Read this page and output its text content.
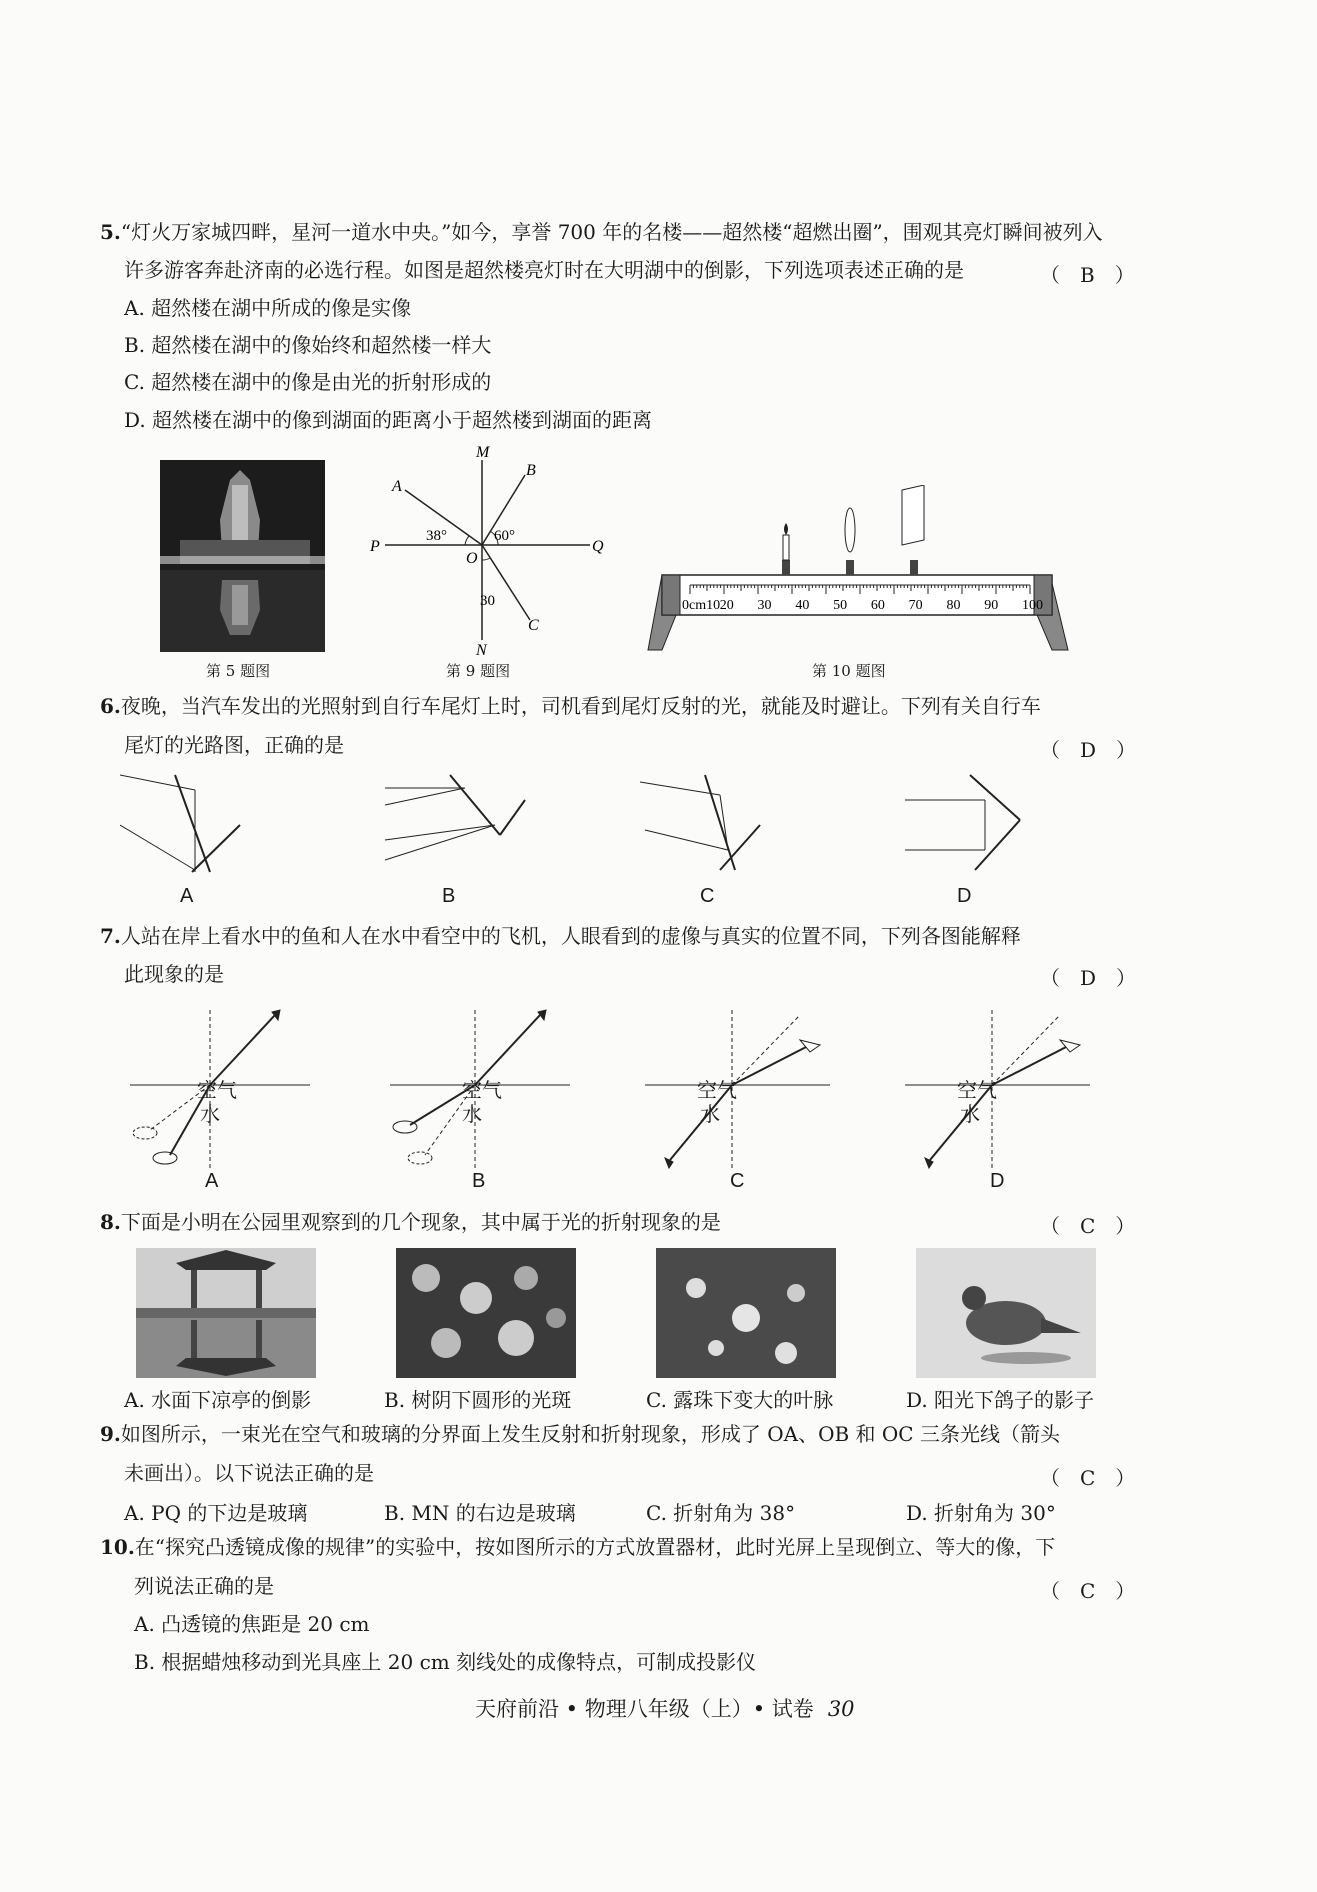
5.“灯火万家城四畔，星河一道水中央。”如今，享誉 700 年的名楼——超然楼“超燃出圈”，围观其亮灯瞬间被列入
许多游客奔赴济南的必选行程。如图是超然楼亮灯时在大明湖中的倒影，下列选项表述正确的是	（　B　）
A. 超然楼在湖中所成的像是实像
B. 超然楼在湖中的像始终和超然楼一样大
C. 超然楼在湖中的像是由光的折射形成的
D. 超然楼在湖中的像到湖面的距离小于超然楼到湖面的距离
第 5 题图
M
N
P	Q
A
B
C
O
38°	60°
30
第 9 题图
0cm10 20 30 40 50 60 70 80 90 100
第 10 题图
6.夜晚，当汽车发出的光照射到自行车尾灯上时，司机看到尾灯反射的光，就能及时避让。下列有关自行车
尾灯的光路图，正确的是	（　D　）
A	B	C	D
7.人站在岸上看水中的鱼和人在水中看空中的飞机，人眼看到的虚像与真实的位置不同，下列各图能解释
此现象的是	（　D　）
空气
水
空气
水
空气
水
空气
水
A	B	C	D
8.下面是小明在公园里观察到的几个现象，其中属于光的折射现象的是	（　C　）
A. 水面下凉亭的倒影	B. 树阴下圆形的光斑	C. 露珠下变大的叶脉	D. 阳光下鸽子的影子
9.如图所示，一束光在空气和玻璃的分界面上发生反射和折射现象，形成了 OA、OB 和 OC 三条光线（箭头
未画出）。以下说法正确的是	（　C　）
A. PQ 的下边是玻璃	B. MN 的右边是玻璃	C. 折射角为 38°	D. 折射角为 30°
10.在“探究凸透镜成像的规律”的实验中，按如图所示的方式放置器材，此时光屏上呈现倒立、等大的像，下
列说法正确的是	（　C　）
A. 凸透镜的焦距是 20 cm
B. 根据蜡烛移动到光具座上 20 cm 刻线处的成像特点，可制成投影仪
天府前沿 • 物理八年级（上）• 试卷 30
